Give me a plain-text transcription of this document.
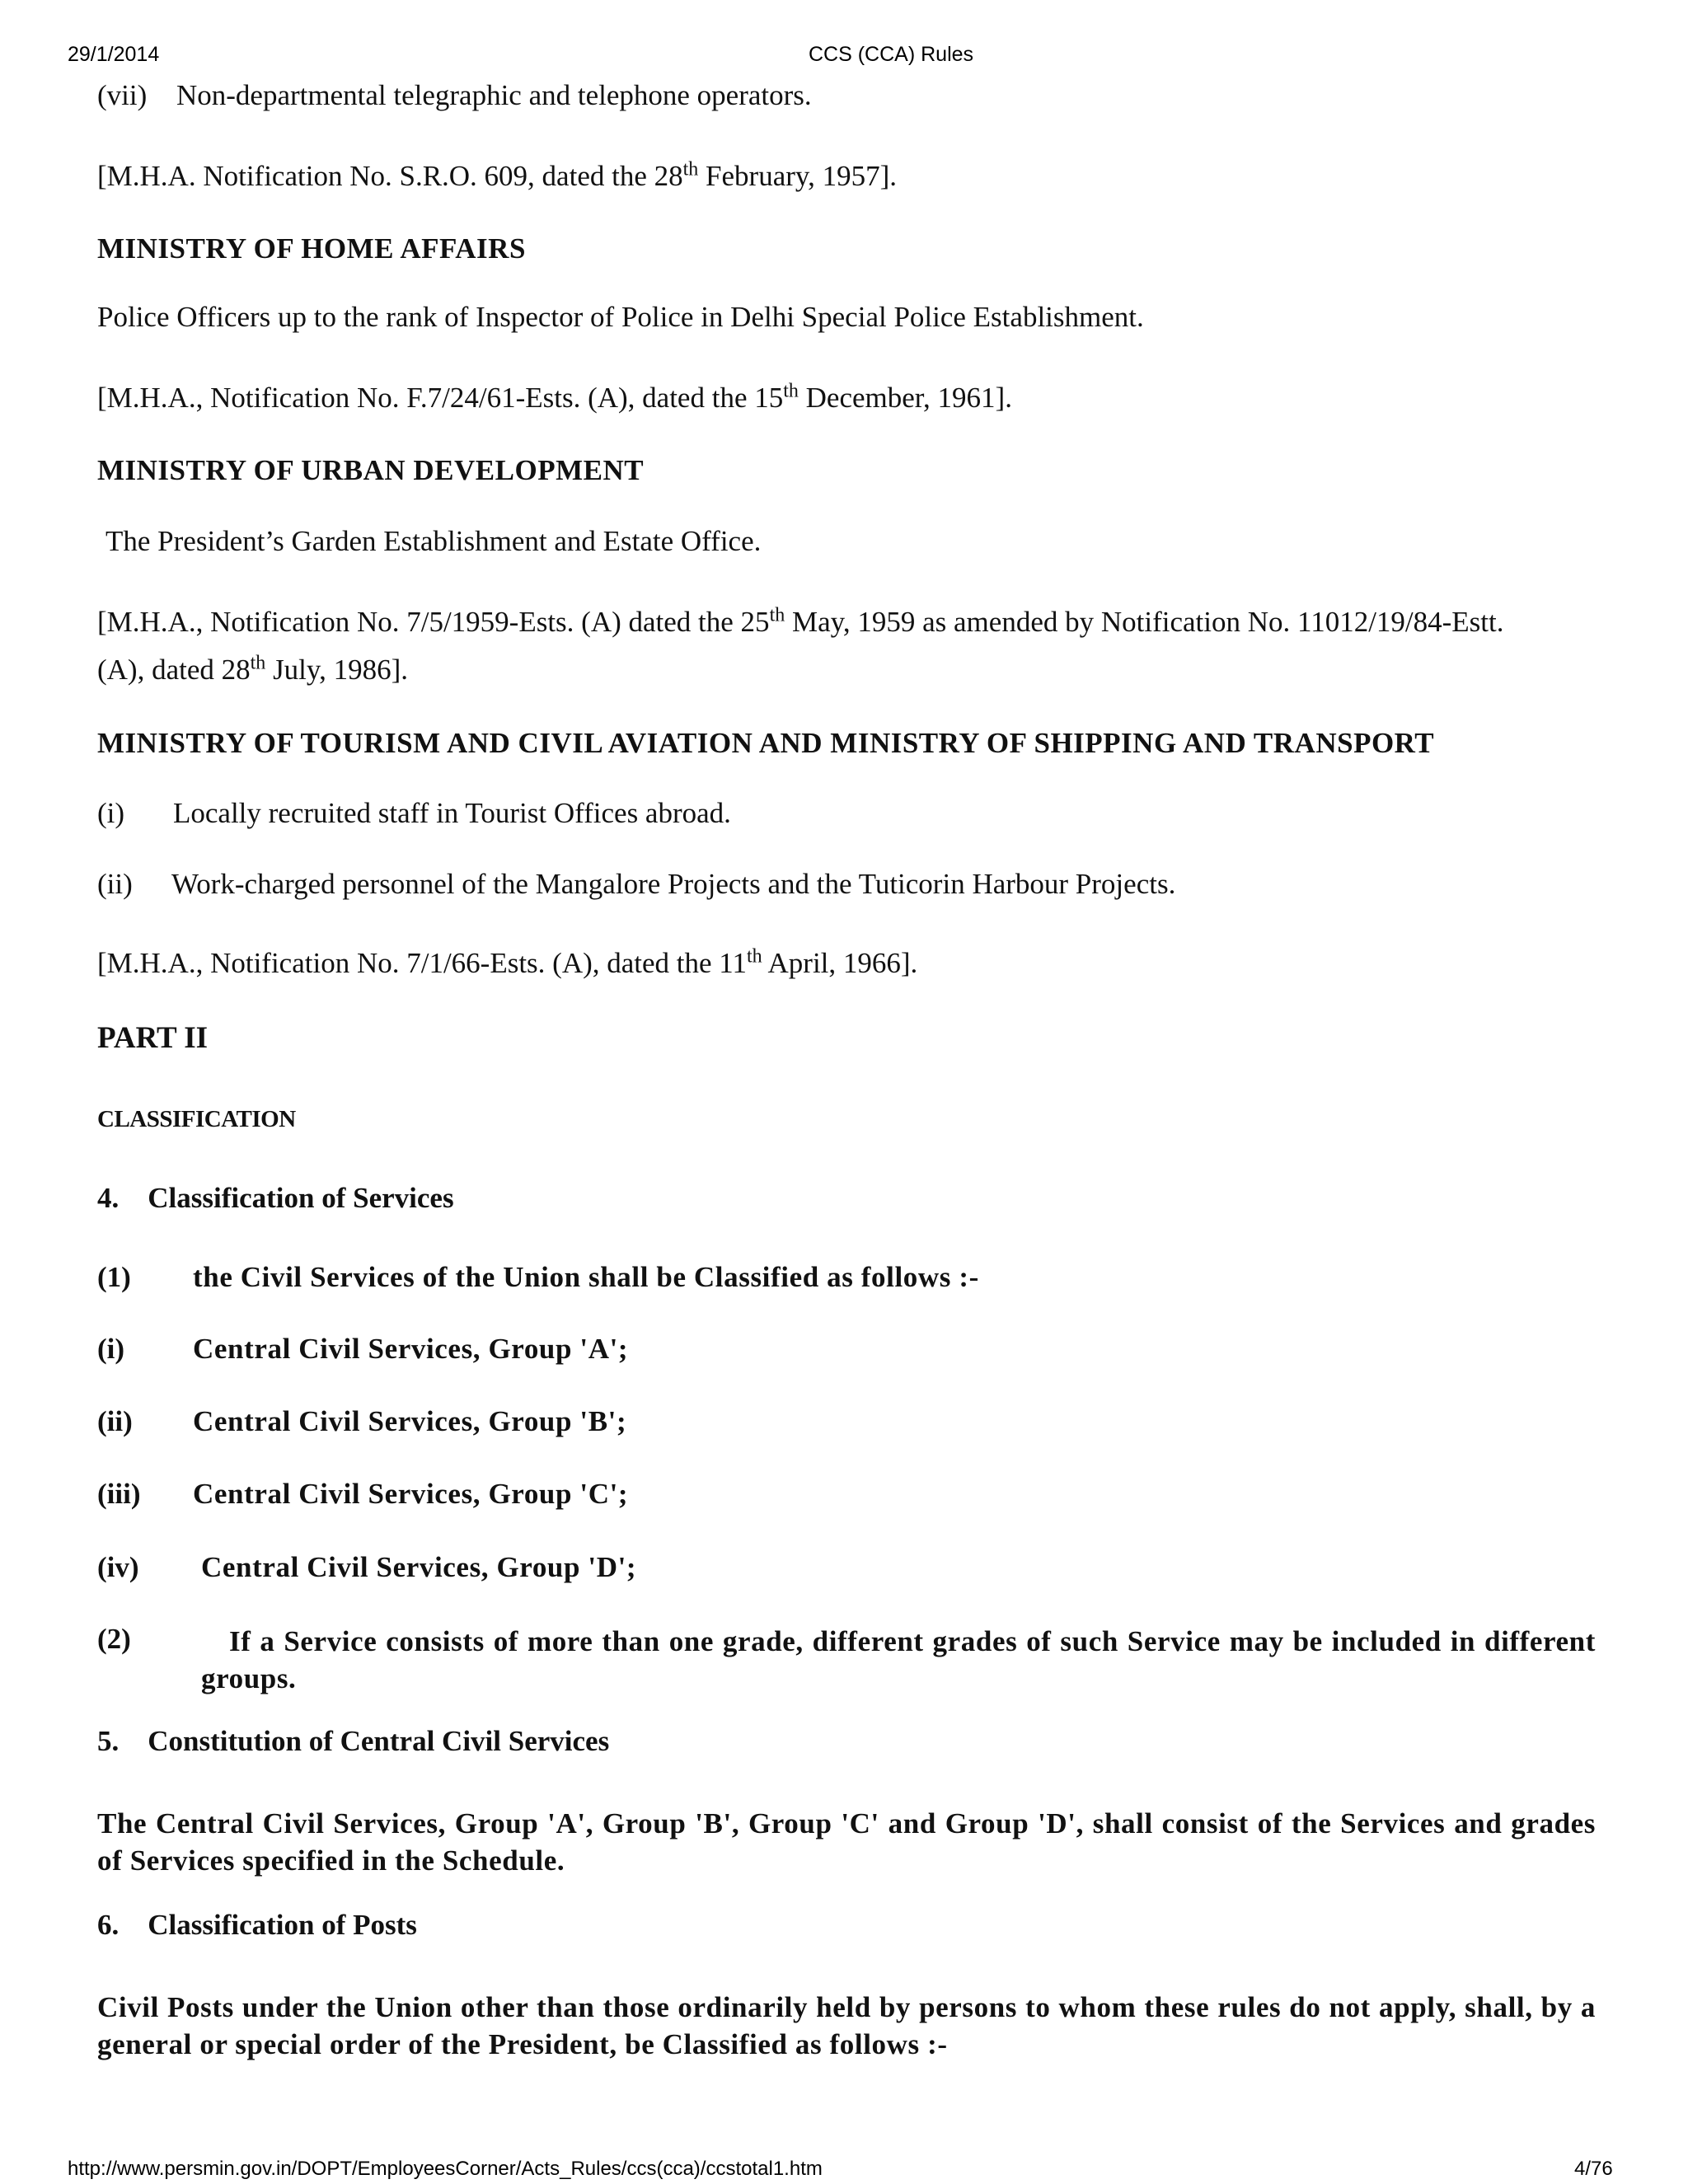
29/1/2014	CCS (CCA) Rules
(vii) Non-departmental telegraphic and telephone operators.
[M.H.A. Notification No. S.R.O. 609, dated the 28th February, 1957].
MINISTRY OF HOME AFFAIRS
Police Officers up to the rank of Inspector of Police in Delhi Special Police Establishment.
[M.H.A., Notification No. F.7/24/61-Ests. (A), dated the 15th December, 1961].
MINISTRY OF URBAN DEVELOPMENT
The President’s Garden Establishment and Estate Office.
[M.H.A., Notification No. 7/5/1959-Ests. (A) dated the 25th May, 1959 as amended by Notification No. 11012/19/84-Estt.
(A), dated 28th July, 1986].
MINISTRY OF TOURISM AND CIVIL AVIATION AND MINISTRY OF SHIPPING AND TRANSPORT
(i) Locally recruited staff in Tourist Offices abroad.
(ii) Work-charged personnel of the Mangalore Projects and the Tuticorin Harbour Projects.
[M.H.A., Notification No. 7/1/66-Ests. (A), dated the 11th April, 1966].
PART II
CLASSIFICATION
4.    Classification of Services
(1) the Civil Services of the Union shall be Classified as follows :-
(i) Central Civil Services, Group 'A';
(ii) Central Civil Services, Group 'B';
(iii) Central Civil Services, Group 'C';
(iv) Central Civil Services, Group 'D';
(2)	If a Service consists of more than one grade, different grades of such Service may be included in different groups.
5.    Constitution of Central Civil Services
The Central Civil Services, Group 'A', Group 'B', Group 'C' and Group 'D', shall consist of the Services and grades of Services specified in the Schedule.
6.    Classification of Posts
Civil Posts under the Union other than those ordinarily held by persons to whom these rules do not apply, shall, by a general or special order of the President, be Classified as follows :-
http://www.persmin.gov.in/DOPT/EmployeesCorner/Acts_Rules/ccs(cca)/ccstotal1.htm	4/76
